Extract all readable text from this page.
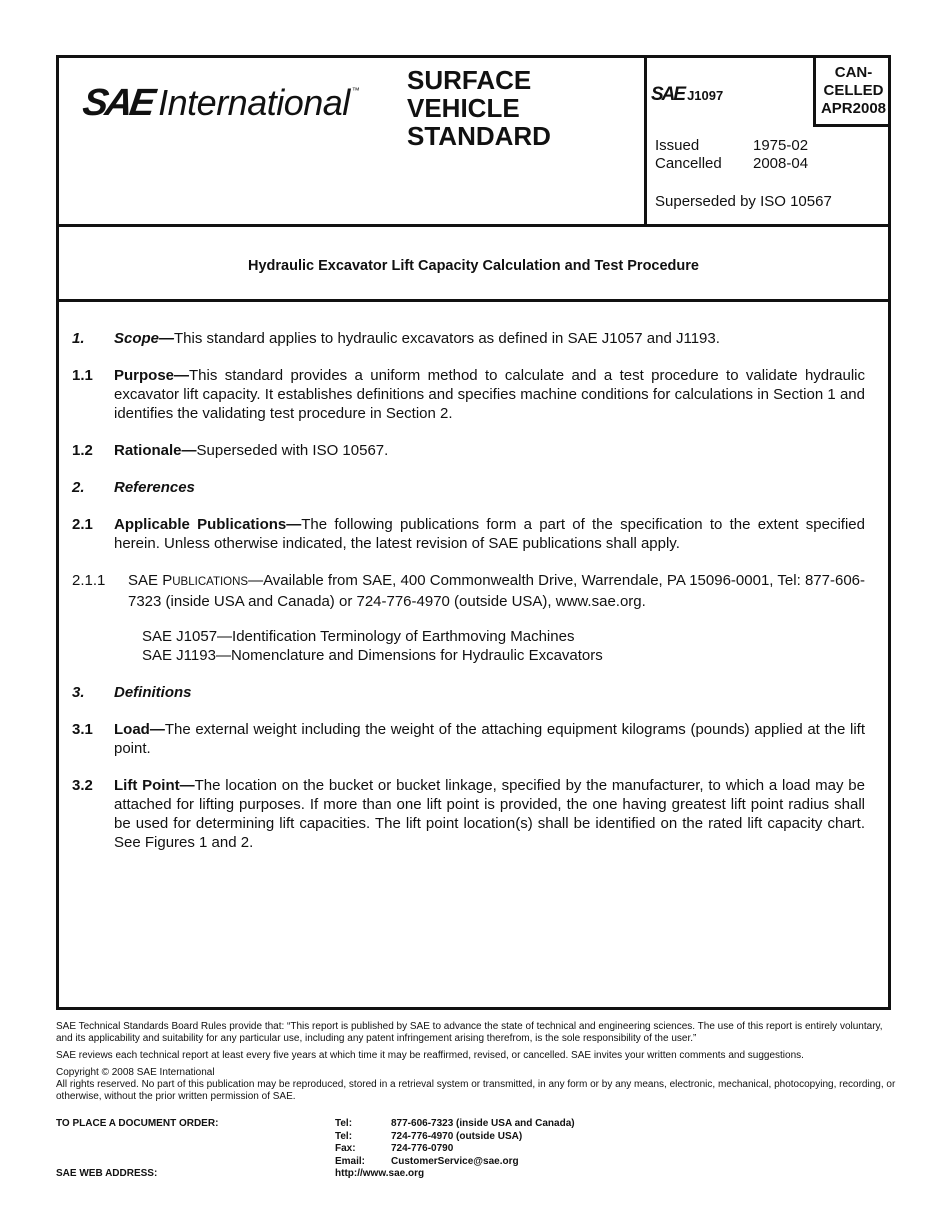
SAE International ™ SURFACE
VEHICLE
STANDARD
SAE J1097
CAN-
CELLED
APR2008
Issued	1975-02
Cancelled	2008-04
Superseded by ISO 10567
Hydraulic Excavator Lift Capacity Calculation and Test Procedure
1.	Scope—This standard applies to hydraulic excavators as defined in SAE J1057 and J1193.
1.1	Purpose—This standard provides a uniform method to calculate and a test procedure to validate hydraulic excavator lift capacity. It establishes definitions and specifies machine conditions for calculations in Section 1 and identifies the validating test procedure in Section 2.
1.2	Rationale—Superseded with ISO 10567.
2.	References
2.1	Applicable Publications—The following publications form a part of the specification to the extent specified herein. Unless otherwise indicated, the latest revision of SAE publications shall apply.
2.1.1	SAE PUBLICATIONS—Available from SAE, 400 Commonwealth Drive, Warrendale, PA 15096-0001, Tel: 877-606-7323 (inside USA and Canada) or 724-776-4970 (outside USA), www.sae.org.
SAE J1057—Identification Terminology of Earthmoving Machines
SAE J1193—Nomenclature and Dimensions for Hydraulic Excavators
3.	Definitions
3.1	Load—The external weight including the weight of the attaching equipment kilograms (pounds) applied at the lift point.
3.2	Lift Point—The location on the bucket or bucket linkage, specified by the manufacturer, to which a load may be attached for lifting purposes. If more than one lift point is provided, the one having greatest lift point radius shall be used for determining lift capacities. The lift point location(s) shall be identified on the rated lift capacity chart. See Figures 1 and 2.

SAE Technical Standards Board Rules provide that: “This report is published by SAE to advance the state of technical and engineering sciences. The use of this report is entirely voluntary, and its applicability and suitability for any particular use, including any patent infringement arising therefrom, is the sole responsibility of the user.”

SAE reviews each technical report at least every five years at which time it may be reaffirmed, revised, or cancelled. SAE invites your written comments and suggestions.

Copyright © 2008 SAE International
All rights reserved. No part of this publication may be reproduced, stored in a retrieval system or transmitted, in any form or by any means, electronic, mechanical, photocopying, recording, or otherwise, without the prior written permission of SAE.
TO PLACE A DOCUMENT ORDER:
SAE WEB ADDRESS:
Tel:	877-606-7323 (inside USA and Canada)
Tel:	724-776-4970 (outside USA)
Fax:	724-776-0790
Email:	CustomerService@sae.org
http://www.sae.org
